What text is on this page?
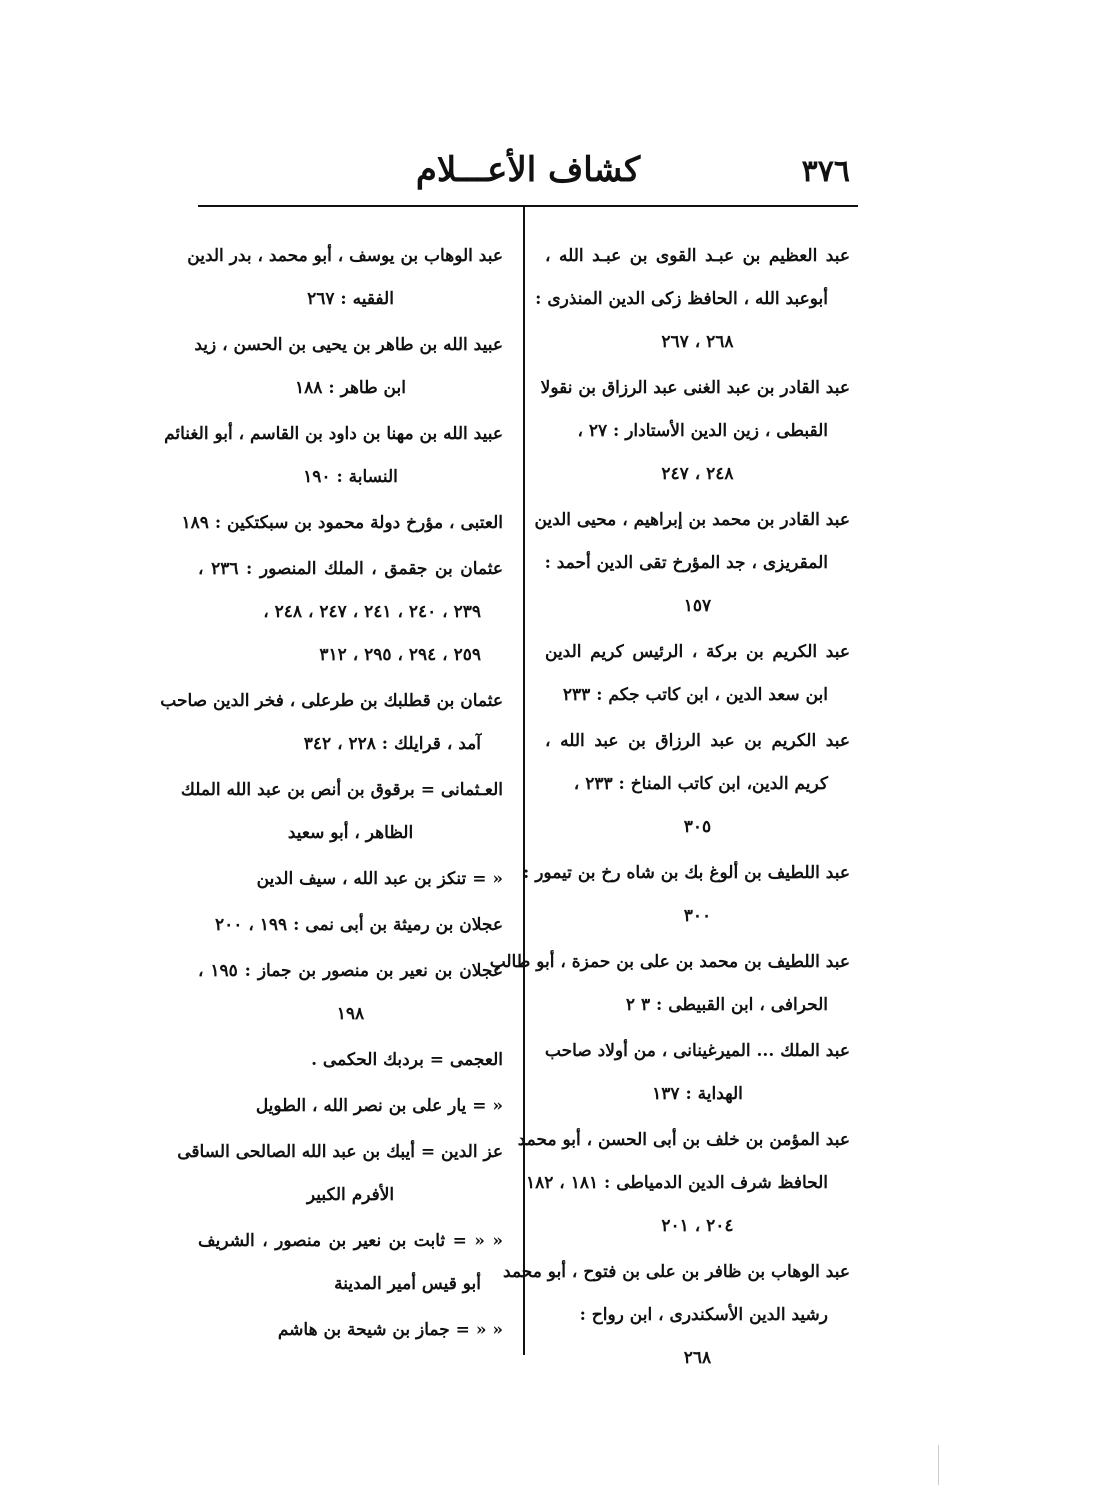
٣٧٦
كشاف الأعـــلام
عبد العظيم بن عبـد القوى بن عبـد الله ،
أبوعبد الله ، الحافظ زكى الدين المنذرى :
٢٦٨ ، ٢٦٧
عبد القادر بن عبد الغنى عبد الرزاق بن نقولا
القبطى ، زين الدين الأستادار : ٢٧ ،
٢٤٨ ، ٢٤٧
عبد القادر بن محمد بن إبراهيم ، محيى الدين
المقريزى ، جد المؤرخ تقى الدين أحمد :
١٥٧
عبد الكريم بن بركة ، الرئيس كريم الدين
ابن سعد الدين ، ابن كاتب جكم : ٢٣٣
عبد الكريم بن عبد الرزاق بن عبد الله ،
كريم الدين، ابن كاتب المناخ : ٢٣٣ ،
٣٠٥
عبد اللطيف بن ألوغ بك بن شاه رخ بن تيمور :
٣٠٠
عبد اللطيف بن محمد بن على بن حمزة ، أبو طالب
الحرافى ، ابن القبيطى : ٣ ٢
عبد الملك ... الميرغينانى ، من أولاد صاحب
الهداية : ١٣٧
عبد المؤمن بن خلف بن أبى الحسن ، أبو محمد
الحافظ شرف الدين الدمياطى : ١٨١ ، ١٨٢
٢٠٤ ، ٢٠١
عبد الوهاب بن ظافر بن على بن فتوح ، أبو محمد
رشيد الدين الأسكندرى ، ابن رواح :
٢٦٨
عبد الوهاب بن يوسف ، أبو محمد ، بدر الدين
الفقيه : ٢٦٧
عبيد الله بن طاهر بن يحيى بن الحسن ، زيد
ابن طاهر : ١٨٨
عبيد الله بن مهنا بن داود بن القاسم ، أبو الغنائم
النسابة : ١٩٠
العتبى ، مؤرخ دولة محمود بن سبكتكين : ١٨٩
عثمان بن جقمق ، الملك المنصور : ٢٣٦ ،
٢٣٩ ، ٢٤٠ ، ٢٤١ ، ٢٤٧ ، ٢٤٨ ،
٢٥٩ ، ٢٩٤ ، ٢٩٥ ، ٣١٢
عثمان بن قطلبك بن طرعلى ، فخر الدين صاحب
آمد ، قرايلك : ٢٢٨ ، ٣٤٢
العـثمانى = برقوق بن أنص بن عبد الله الملك
الظاهر ، أبو سعيد
« = تنكز بن عبد الله ، سيف الدين
عجلان بن رميثة بن أبى نمى : ١٩٩ ، ٢٠٠
عجلان بن نعير بن منصور بن جماز : ١٩٥ ،
١٩٨
العجمى = بردبك الحكمى .
« = يار على بن نصر الله ، الطويل
عز الدين = أيبك بن عبد الله الصالحى الساقى
الأفرم الكبير
« « = ثابت بن نعير بن منصور ، الشريف
أبو قيس أمير المدينة
« « = جماز بن شيحة بن هاشم
